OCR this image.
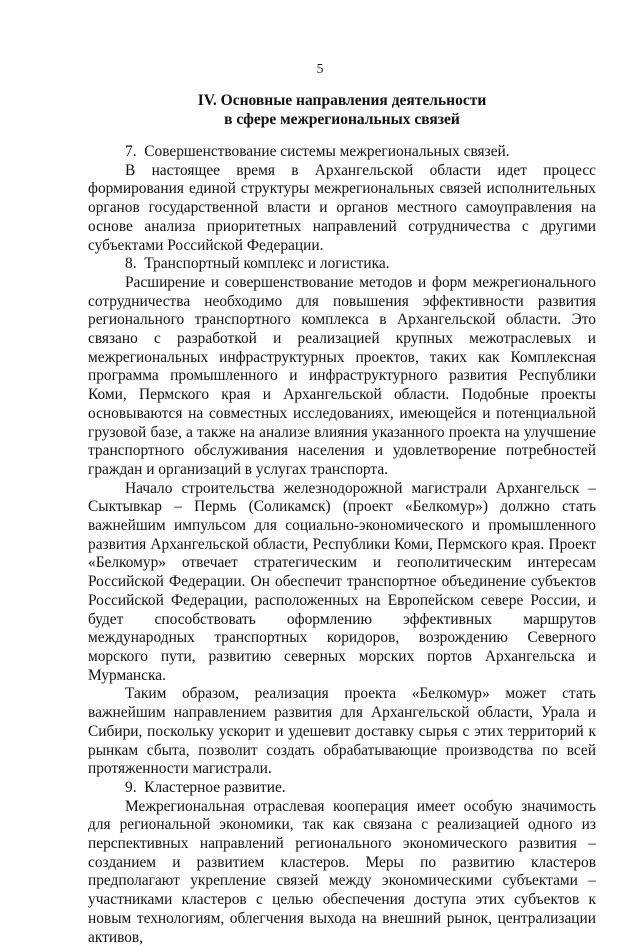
5
IV. Основные направления деятельности
в сфере межрегиональных связей

7.  Совершенствование системы межрегиональных связей.

В настоящее время в Архангельской области идет процесс формирования единой структуры межрегиональных связей исполнительных органов государственной власти и органов местного самоуправления на основе анализа приоритетных направлений сотрудничества с другими субъектами Российской Федерации.

8.  Транспортный комплекс и логистика.

Расширение и совершенствование методов и форм межрегионального сотрудничества необходимо для повышения эффективности развития регионального транспортного комплекса в Архангельской области. Это связано с разработкой и реализацией крупных межотраслевых и межрегиональных инфраструктурных проектов, таких как Комплексная программа промышленного и инфраструктурного развития Республики Коми, Пермского края и Архангельской области. Подобные проекты основываются на совместных исследованиях, имеющейся и потенциальной грузовой базе, а также на анализе влияния указанного проекта на улучшение транспортного обслуживания населения и удовлетворение потребностей граждан и организаций в услугах транспорта.

Начало строительства железнодорожной магистрали Архангельск – Сыктывкар – Пермь (Соликамск) (проект «Белкомур») должно стать важнейшим импульсом для социально-экономического и промышленного развития Архангельской области, Республики Коми, Пермского края. Проект «Белкомур» отвечает стратегическим и геополитическим интересам Российской Федерации. Он обеспечит транспортное объединение субъектов Российской Федерации, расположенных на Европейском севере России, и будет способствовать оформлению эффективных маршрутов международных транспортных коридоров, возрождению Северного морского пути, развитию северных морских портов Архангельска и Мурманска.

Таким образом, реализация проекта «Белкомур» может стать важнейшим направлением развития для Архангельской области, Урала и Сибири, поскольку ускорит и удешевит доставку сырья с этих территорий к рынкам сбыта, позволит создать обрабатывающие производства по всей протяженности магистрали.

9.  Кластерное развитие.

Межрегиональная отраслевая кооперация имеет особую значимость для региональной экономики, так как связана с реализацией одного из перспективных направлений регионального экономического развития – созданием и развитием кластеров. Меры по развитию кластеров предполагают укрепление связей между экономическими субъектами – участниками кластеров с целью обеспечения доступа этих субъектов к новым технологиям, облегчения выхода на внешний рынок, централизации активов,
